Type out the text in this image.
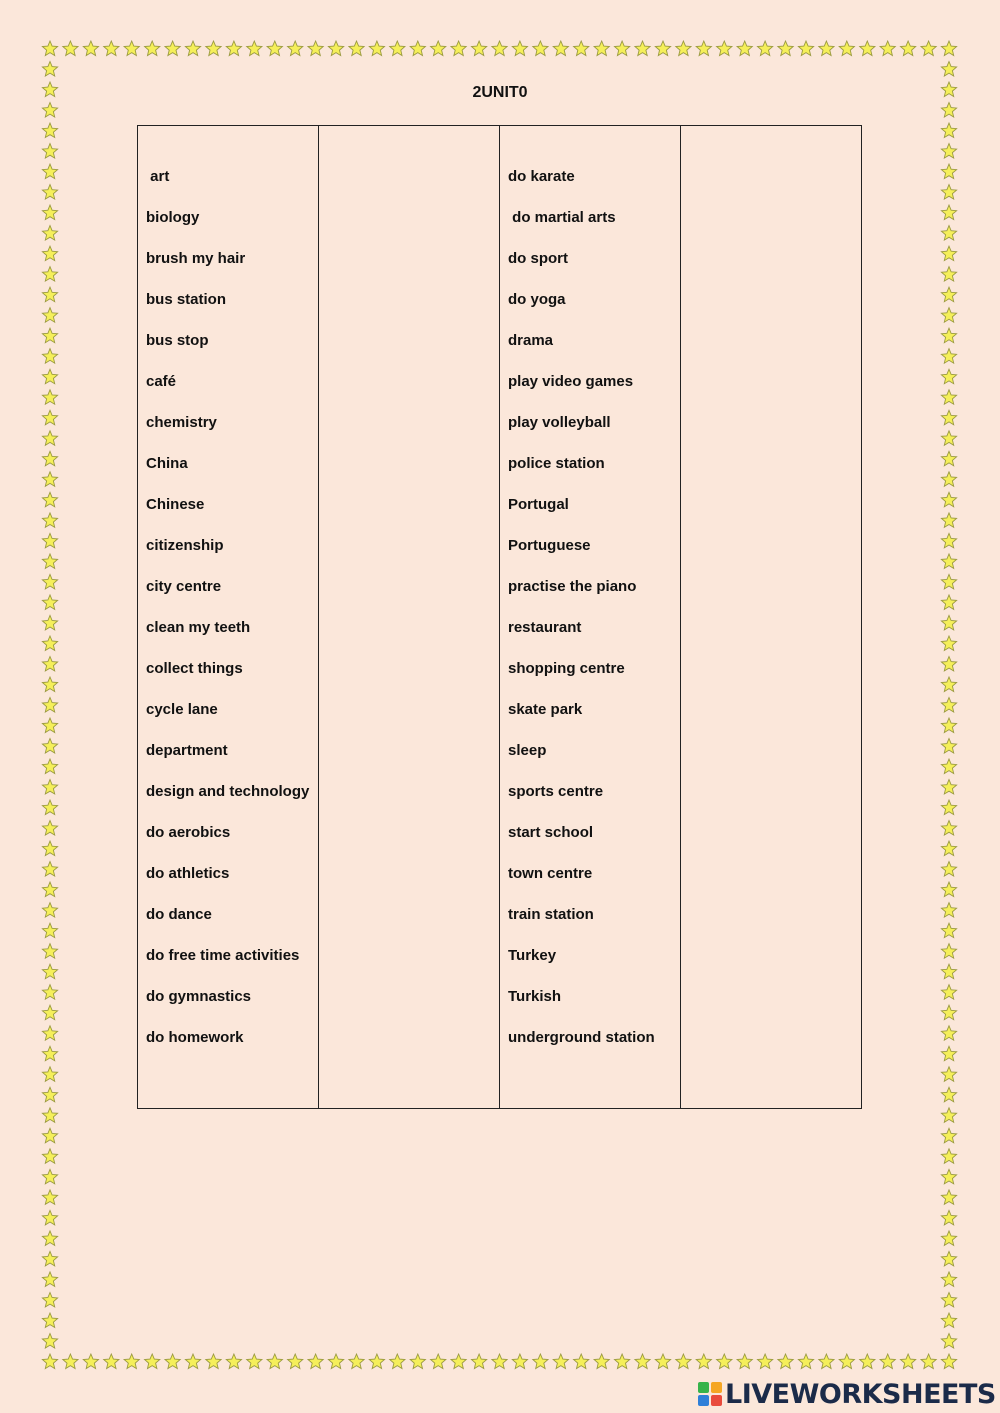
2UNIT0
art
biology
brush my hair
bus station
bus stop
café
chemistry
China
Chinese
citizenship
city centre
clean my teeth
collect things
cycle lane
department
design and technology
do aerobics
do athletics
do dance
do free time activities
do gymnastics
do homework
do karate
do martial arts
do sport
do yoga
drama
play video games
play volleyball
police station
Portugal
Portuguese
practise the piano
restaurant
shopping centre
skate park
sleep
sports centre
start school
town centre
train station
Turkey
Turkish
underground station
LIVEWORKSHEETS
